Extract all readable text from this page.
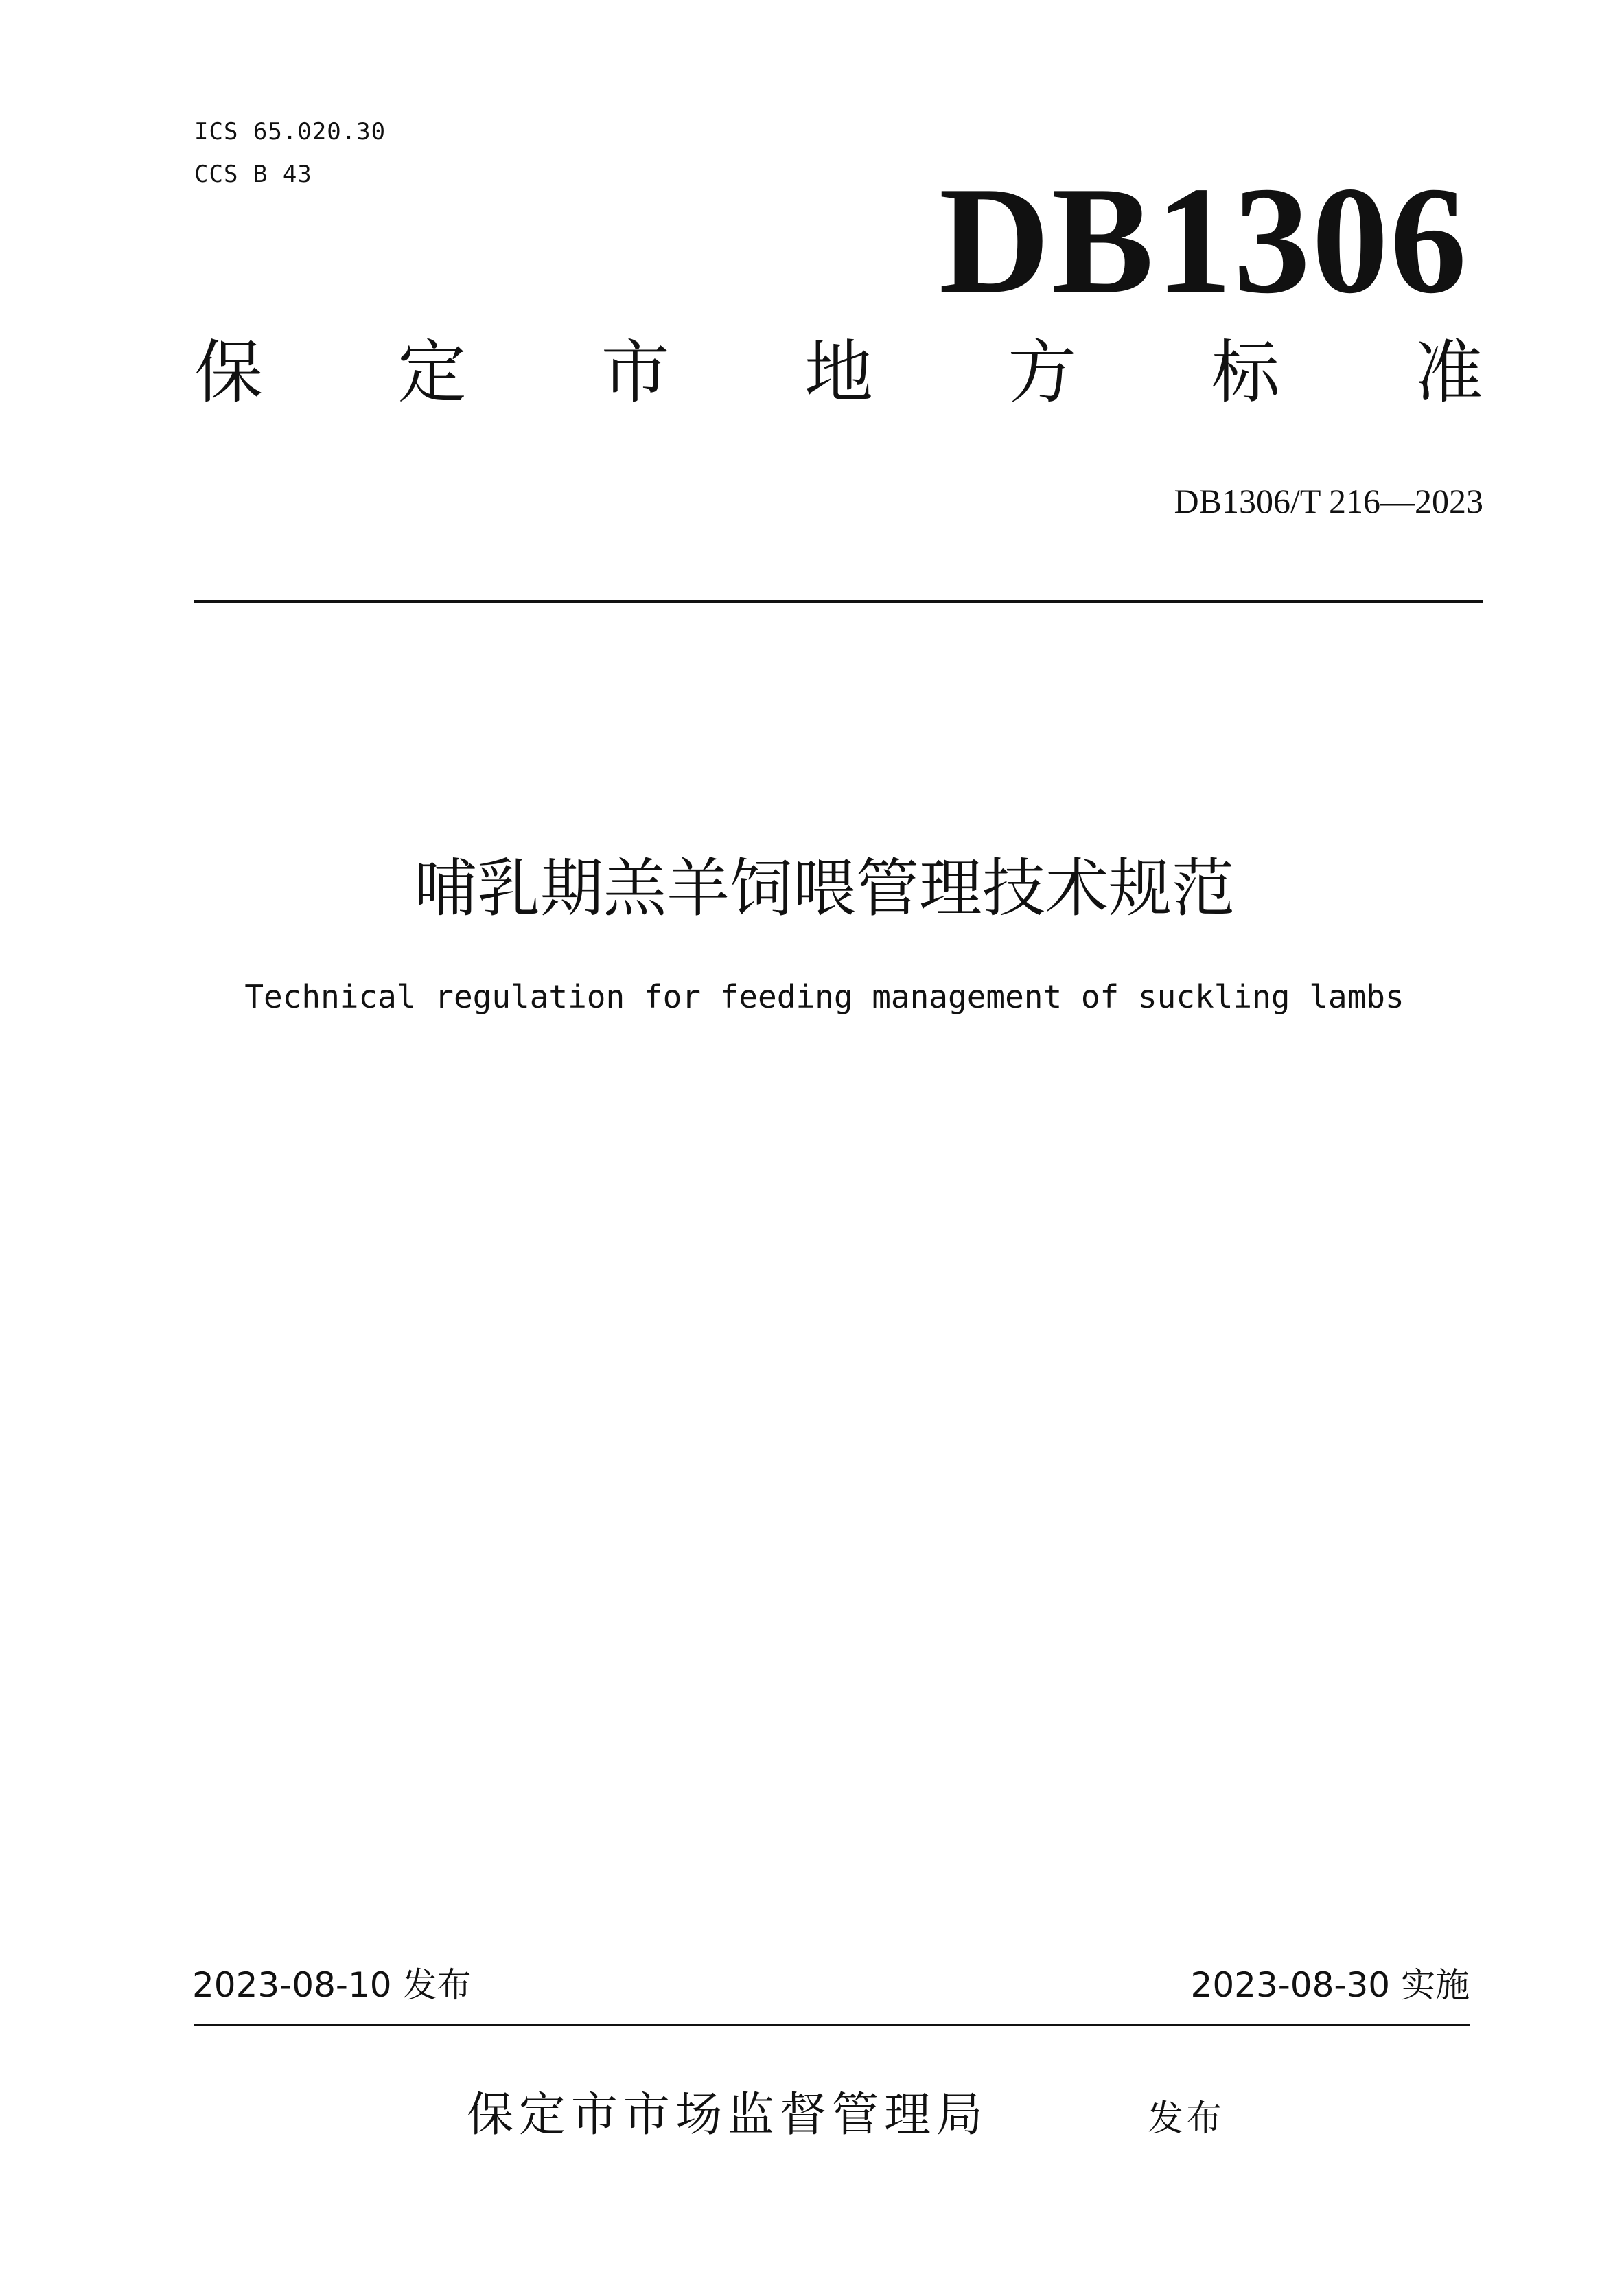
ICS 65.020.30
CCS B 43	DB1306
保 定 市 地 方 标 准
DB1306/T 216—2023
哺乳期羔羊饲喂管理技术规范
Technical regulation for feeding management of suckling lambs
2023-08-10 发布	2023-08-30 实施
保定市市场监督管理局	发布
